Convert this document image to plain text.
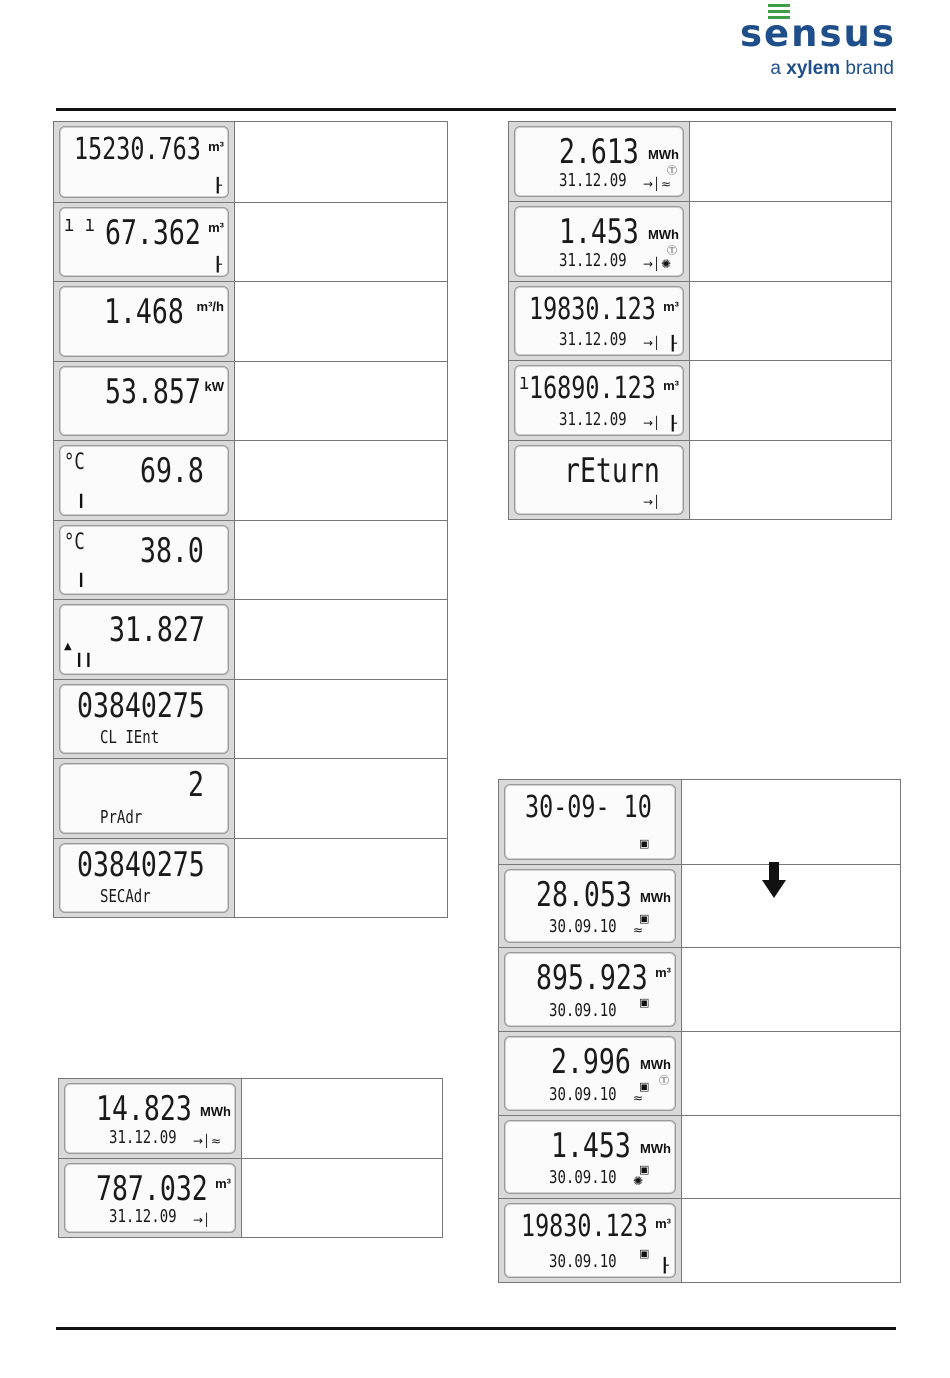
sensus
a xylem brand
15230.763 m³
┠
ı ı 67.362 m³
┠
1.468 m³/h
53.857 kW
°C 69.8
▎
°C 38.0
▎
31.827
▲
▎▎
03840275
CL IEnt
2
PrAdr
03840275
SECAdr
14.823 MWh
31.12.09 →│ ≈
787.032 m³
31.12.09 →│
2.613 MWh
31.12.09 →│ ≈
Ⓣ
1.453 MWh
31.12.09 →│ ✺
Ⓣ
19830.123 m³
31.12.09 →│ ┠
ı 16890.123 m³
31.12.09 →│ ┠
rEturn
→│
30-09- 10
▣
28.053 MWh
30.09.10 ▣
≈
895.923 m³
30.09.10 ▣
2.996 MWh
30.09.10 ▣
≈
Ⓣ
1.453 MWh
30.09.10 ▣
✺
19830.123 m³
30.09.10 ▣
┠
